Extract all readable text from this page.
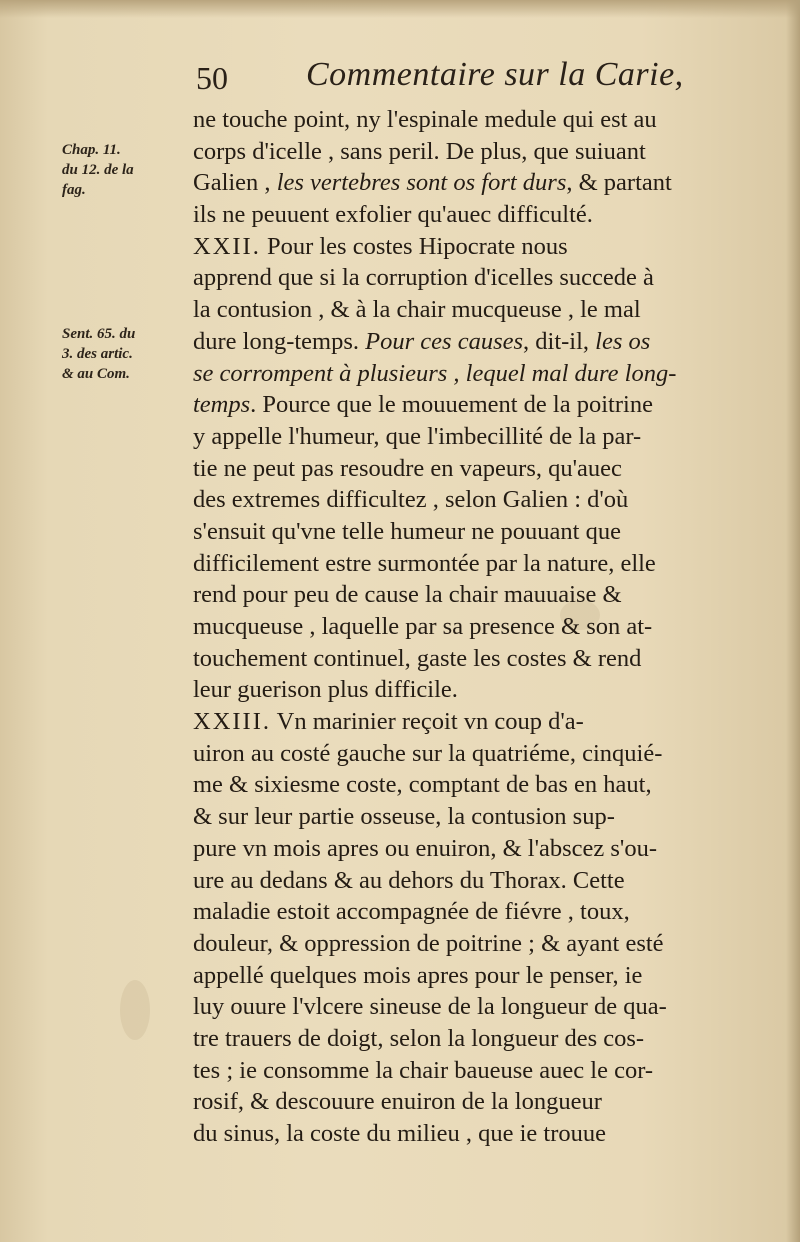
50 Commentaire sur la Carie,
Chap. 11.
du 12. de la
fag.
Sent. 65. du
3. des artic.
& au Com.
ne touche point, ny l'espinale medule qui est au
corps d'icelle , sans peril. De plus, que suiuant
Galien , les vertebres sont os fort durs, & partant
ils ne peuuent exfolier qu'auec difficulté.
XXII. Pour les costes Hipocrate nous
apprend que si la corruption d'icelles succede à
la contusion , & à la chair mucqueuse , le mal
dure long-temps. Pour ces causes, dit-il, les os
se corrompent à plusieurs , lequel mal dure long-
temps. Pource que le mouuement de la poitrine
y appelle l'humeur, que l'imbecillité de la par-
tie ne peut pas resoudre en vapeurs, qu'auec
des extremes difficultez , selon Galien : d'où
s'ensuit qu'vne telle humeur ne pouuant que
difficilement estre surmontée par la nature, elle
rend pour peu de cause la chair mauuaise &
mucqueuse , laquelle par sa presence & son at-
touchement continuel, gaste les costes & rend
leur guerison plus difficile.
XXIII. Vn marinier reçoit vn coup d'a-
uiron au costé gauche sur la quatriéme, cinquié-
me & sixiesme coste, comptant de bas en haut,
& sur leur partie osseuse, la contusion sup-
pure vn mois apres ou enuiron, & l'abscez s'ou-
ure au dedans & au dehors du Thorax. Cette
maladie estoit accompagnée de fiévre , toux,
douleur, & oppression de poitrine ; & ayant esté
appellé quelques mois apres pour le penser, ie
luy ouure l'vlcere sineuse de la longueur de qua-
tre trauers de doigt, selon la longueur des cos-
tes ; ie consomme la chair baueuse auec le cor-
rosif, & descouure enuiron de la longueur
du sinus, la coste du milieu , que ie trouue
